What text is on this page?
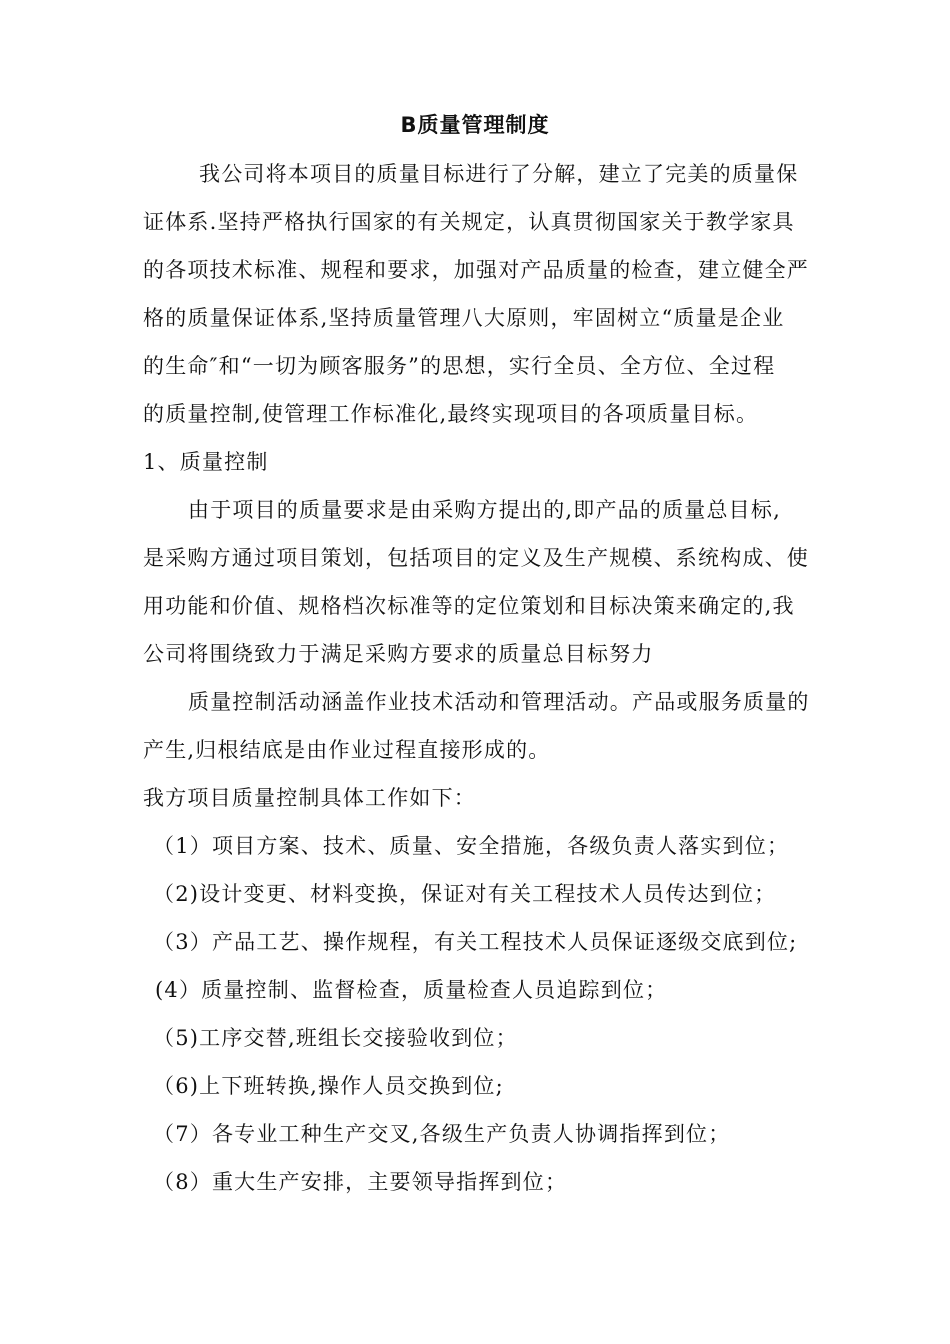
B质量管理制度
我公司将本项目的质量目标进行了分解，建立了完美的质量保
证体系.坚持严格执行国家的有关规定，认真贯彻国家关于教学家具
的各项技术标准、规程和要求，加强对产品质量的检查，建立健全严
格的质量保证体系,坚持质量管理八大原则，牢固树立“质量是企业
的生命″和“一切为顾客服务”的思想，实行全员、全方位、全过程
的质量控制,使管理工作标准化,最终实现项目的各项质量目标。
1、质量控制
由于项目的质量要求是由采购方提出的,即产品的质量总目标,
是采购方通过项目策划，包括项目的定义及生产规模、系统构成、使
用功能和价值、规格档次标准等的定位策划和目标决策来确定的,我
公司将围绕致力于满足采购方要求的质量总目标努力
质量控制活动涵盖作业技术活动和管理活动。产品或服务质量的
产生,归根结底是由作业过程直接形成的。
我方项目质量控制具体工作如下：
（1）项目方案、技术、质量、安全措施，各级负责人落实到位；
（2)设计变更、材料变换，保证对有关工程技术人员传达到位；
（3）产品工艺、操作规程，有关工程技术人员保证逐级交底到位;
(4）质量控制、监督检查，质量检查人员追踪到位；
（5)工序交替,班组长交接验收到位；
（6)上下班转换,操作人员交换到位;
（7）各专业工种生产交叉,各级生产负责人协调指挥到位；
（8）重大生产安排，主要领导指挥到位；
